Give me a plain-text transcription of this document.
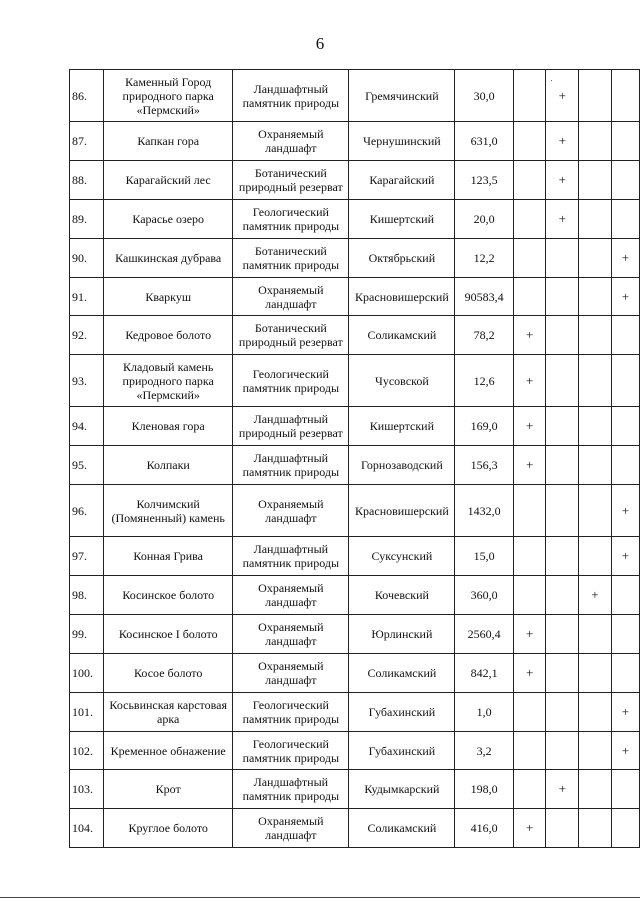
6
86.	Каменный Город природного парка «Пермский»	Ландшафтный памятник природы	Гремячинский	30,0		+		
87.	Капкан гора	Охраняемый ландшафт	Чернушинский	631,0		+		
88.	Карагайский лес	Ботанический природный резерват	Карагайский	123,5		+		
89.	Карасье озеро	Геологический памятник природы	Кишертский	20,0		+		
90.	Кашкинская дубрава	Ботанический памятник природы	Октябрьский	12,2				+
91.	Кваркуш	Охраняемый ландшафт	Красновишерский	90583,4				+
92.	Кедровое болото	Ботанический природный резерват	Соликамский	78,2	+			
93.	Кладовый камень природного парка «Пермский»	Геологический памятник природы	Чусовской	12,6	+			
94.	Кленовая гора	Ландшафтный природный резерват	Кишертский	169,0	+			
95.	Колпаки	Ландшафтный памятник природы	Горнозаводский	156,3	+			
96.	Колчимский (Помяненный) камень	Охраняемый ландшафт	Красновишерский	1432,0				+
97.	Конная Грива	Ландшафтный памятник природы	Суксунский	15,0				+
98.	Косинское болото	Охраняемый ландшафт	Кочевский	360,0			+	
99.	Косинское I болото	Охраняемый ландшафт	Юрлинский	2560,4	+			
100.	Косое болото	Охраняемый ландшафт	Соликамский	842,1	+			
101.	Косьвинская карстовая арка	Геологический памятник природы	Губахинский	1,0				+
102.	Кременное обнажение	Геологический памятник природы	Губахинский	3,2				+
103.	Крот	Ландшафтный памятник природы	Кудымкарский	198,0		+		
104.	Круглое болото	Охраняемый ландшафт	Соликамский	416,0	+			
